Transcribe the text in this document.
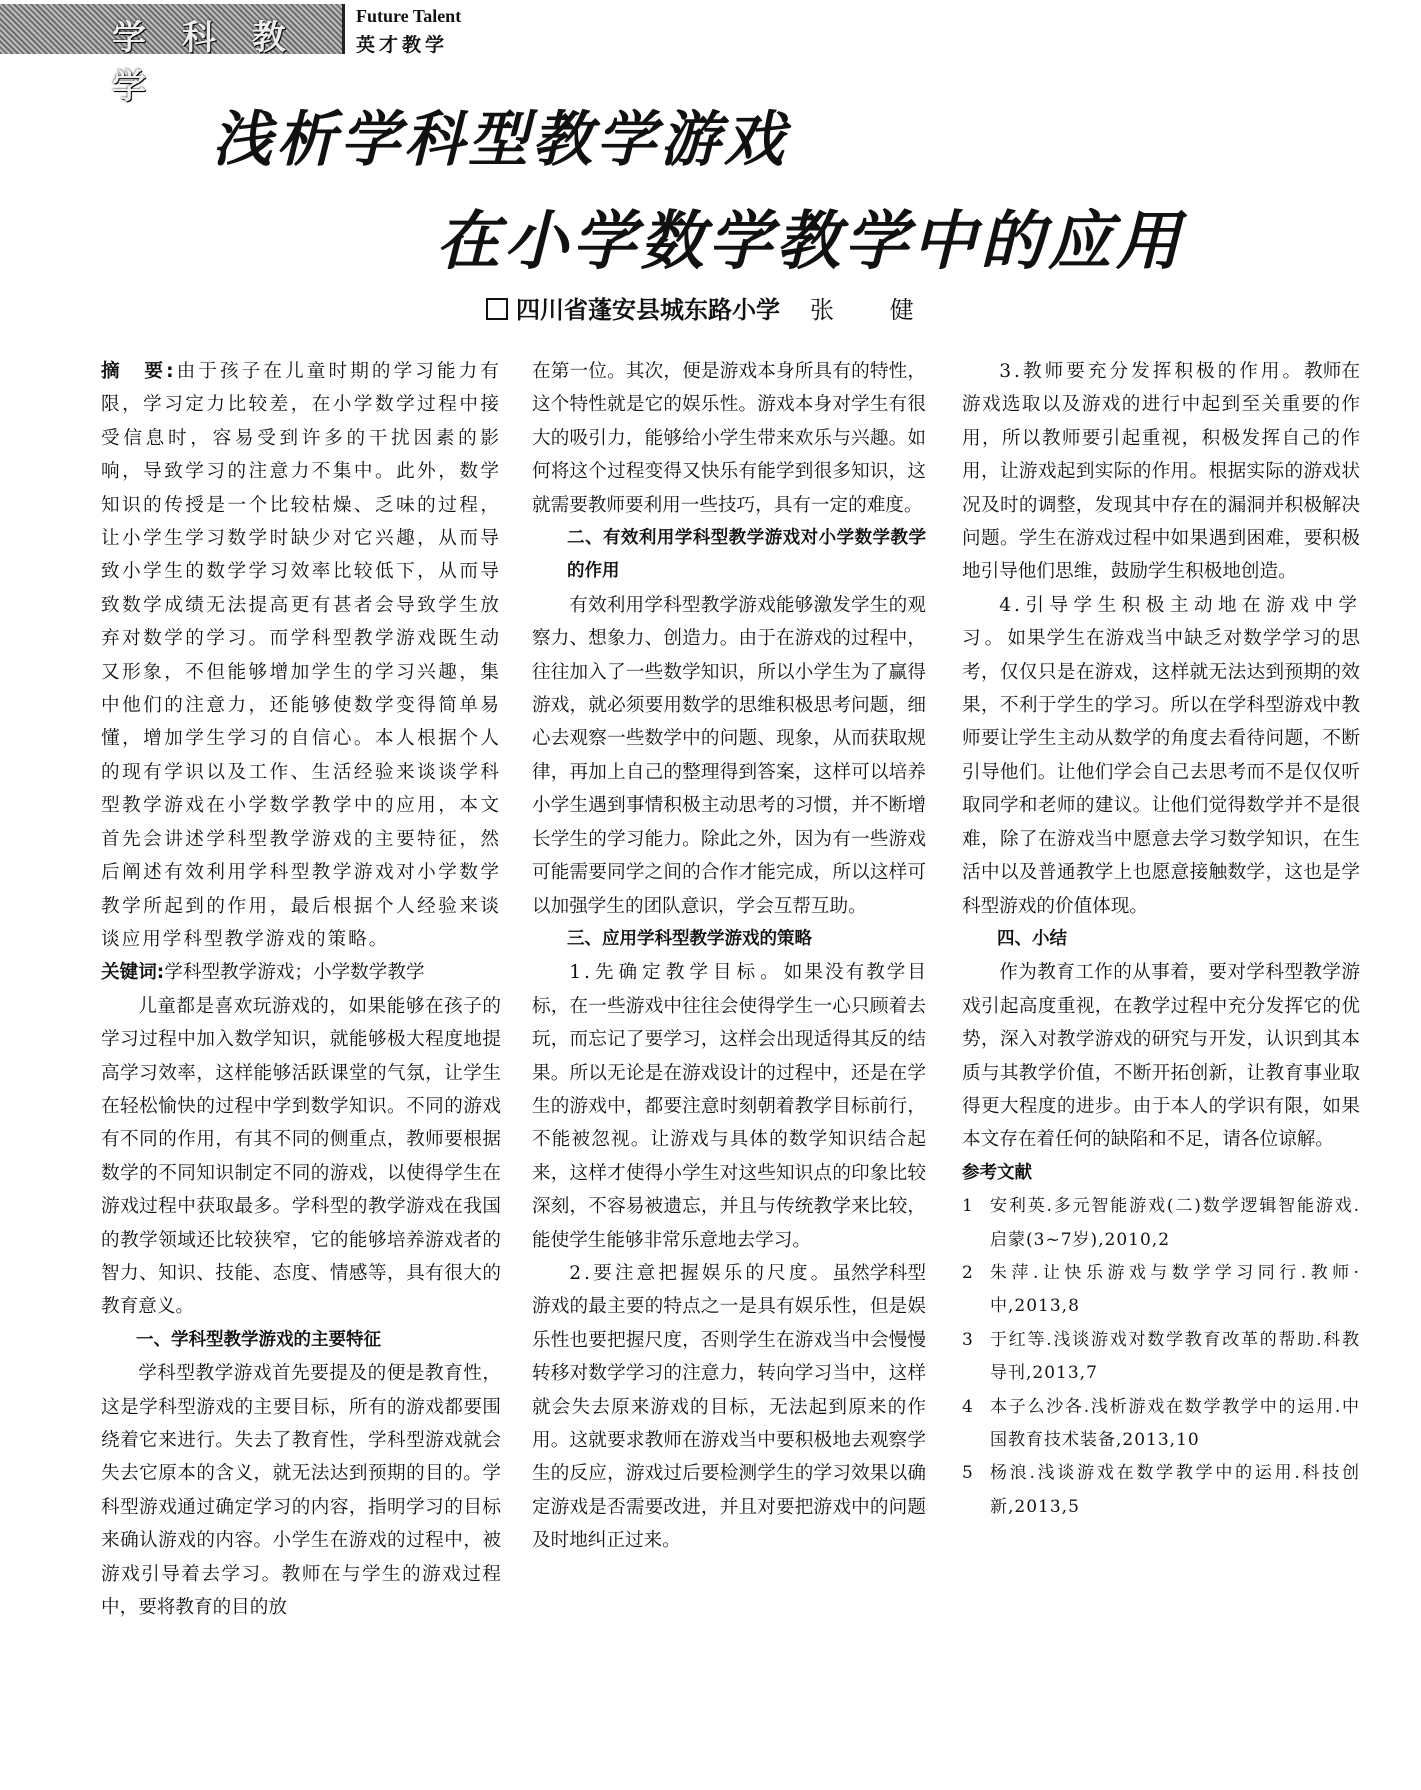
学 科 教 学
Future Talent
英才教学
浅析学科型教学游戏
在小学数学教学中的应用
四川省蓬安县城东路小学 张 健

摘　要:由于孩子在儿童时期的学习能力有限，学习定力比较差，在小学数学过程中接受信息时，容易受到许多的干扰因素的影响，导致学习的注意力不集中。此外，数学知识的传授是一个比较枯燥、乏味的过程，让小学生学习数学时缺少对它兴趣，从而导致小学生的数学学习效率比较低下，从而导致数学成绩无法提高更有甚者会导致学生放弃对数学的学习。而学科型教学游戏既生动又形象，不但能够增加学生的学习兴趣，集中他们的注意力，还能够使数学变得简单易懂，增加学生学习的自信心。本人根据个人的现有学识以及工作、生活经验来谈谈学科型教学游戏在小学数学教学中的应用，本文首先会讲述学科型教学游戏的主要特征，然后阐述有效利用学科型教学游戏对小学数学教学所起到的作用，最后根据个人经验来谈谈应用学科型教学游戏的策略。

关键词:学科型教学游戏；小学数学教学

儿童都是喜欢玩游戏的，如果能够在孩子的学习过程中加入数学知识，就能够极大程度地提高学习效率，这样能够活跃课堂的气氛，让学生在轻松愉快的过程中学到数学知识。不同的游戏有不同的作用，有其不同的侧重点，教师要根据数学的不同知识制定不同的游戏，以使得学生在游戏过程中获取最多。学科型的教学游戏在我国的教学领域还比较狭窄，它的能够培养游戏者的智力、知识、技能、态度、情感等，具有很大的教育意义。

一、学科型教学游戏的主要特征

学科型教学游戏首先要提及的便是教育性，这是学科型游戏的主要目标，所有的游戏都要围绕着它来进行。失去了教育性，学科型游戏就会失去它原本的含义，就无法达到预期的目的。学科型游戏通过确定学习的内容，指明学习的目标来确认游戏的内容。小学生在游戏的过程中，被游戏引导着去学习。教师在与学生的游戏过程中，要将教育的目的放

在第一位。其次，便是游戏本身所具有的特性，这个特性就是它的娱乐性。游戏本身对学生有很大的吸引力，能够给小学生带来欢乐与兴趣。如何将这个过程变得又快乐有能学到很多知识，这就需要教师要利用一些技巧，具有一定的难度。

二、有效利用学科型教学游戏对小学数学教学的作用

有效利用学科型教学游戏能够激发学生的观察力、想象力、创造力。由于在游戏的过程中，往往加入了一些数学知识，所以小学生为了赢得游戏，就必须要用数学的思维积极思考问题，细心去观察一些数学中的问题、现象，从而获取规律，再加上自己的整理得到答案，这样可以培养小学生遇到事情积极主动思考的习惯，并不断增长学生的学习能力。除此之外，因为有一些游戏可能需要同学之间的合作才能完成，所以这样可以加强学生的团队意识，学会互帮互助。

三、应用学科型教学游戏的策略

1.先确定教学目标。如果没有教学目标，在一些游戏中往往会使得学生一心只顾着去玩，而忘记了要学习，这样会出现适得其反的结果。所以无论是在游戏设计的过程中，还是在学生的游戏中，都要注意时刻朝着教学目标前行，不能被忽视。让游戏与具体的数学知识结合起来，这样才使得小学生对这些知识点的印象比较深刻，不容易被遗忘，并且与传统教学来比较，能使学生能够非常乐意地去学习。

2.要注意把握娱乐的尺度。虽然学科型游戏的最主要的特点之一是具有娱乐性，但是娱乐性也要把握尺度，否则学生在游戏当中会慢慢转移对数学学习的注意力，转向学习当中，这样就会失去原来游戏的目标，无法起到原来的作用。这就要求教师在游戏当中要积极地去观察学生的反应，游戏过后要检测学生的学习效果以确定游戏是否需要改进，并且对要把游戏中的问题及时地纠正过来。

3.教师要充分发挥积极的作用。教师在游戏选取以及游戏的进行中起到至关重要的作用，所以教师要引起重视，积极发挥自己的作用，让游戏起到实际的作用。根据实际的游戏状况及时的调整，发现其中存在的漏洞并积极解决问题。学生在游戏过程中如果遇到困难，要积极地引导他们思维，鼓励学生积极地创造。

4.引导学生积极主动地在游戏中学习。如果学生在游戏当中缺乏对数学学习的思考，仅仅只是在游戏，这样就无法达到预期的效果，不利于学生的学习。所以在学科型游戏中教师要让学生主动从数学的角度去看待问题，不断引导他们。让他们学会自己去思考而不是仅仅听取同学和老师的建议。让他们觉得数学并不是很难，除了在游戏当中愿意去学习数学知识，在生活中以及普通教学上也愿意接触数学，这也是学科型游戏的价值体现。

四、小结

作为教育工作的从事着，要对学科型教学游戏引起高度重视，在教学过程中充分发挥它的优势，深入对教学游戏的研究与开发，认识到其本质与其教学价值，不断开拓创新，让教育事业取得更大程度的进步。由于本人的学识有限，如果本文存在着任何的缺陷和不足，请各位谅解。

参考文献

1 安利英.多元智能游戏(二)数学逻辑智能游戏.启蒙(3~7岁),2010,2
2 朱萍.让快乐游戏与数学学习同行.教师·中,2013,8
3 于红等.浅谈游戏对数学教育改革的帮助.科教导刊,2013,7
4 本子么沙各.浅析游戏在数学教学中的运用.中国教育技术装备,2013,10
5 杨浪.浅谈游戏在数学教学中的运用.科技创新,2013,5
